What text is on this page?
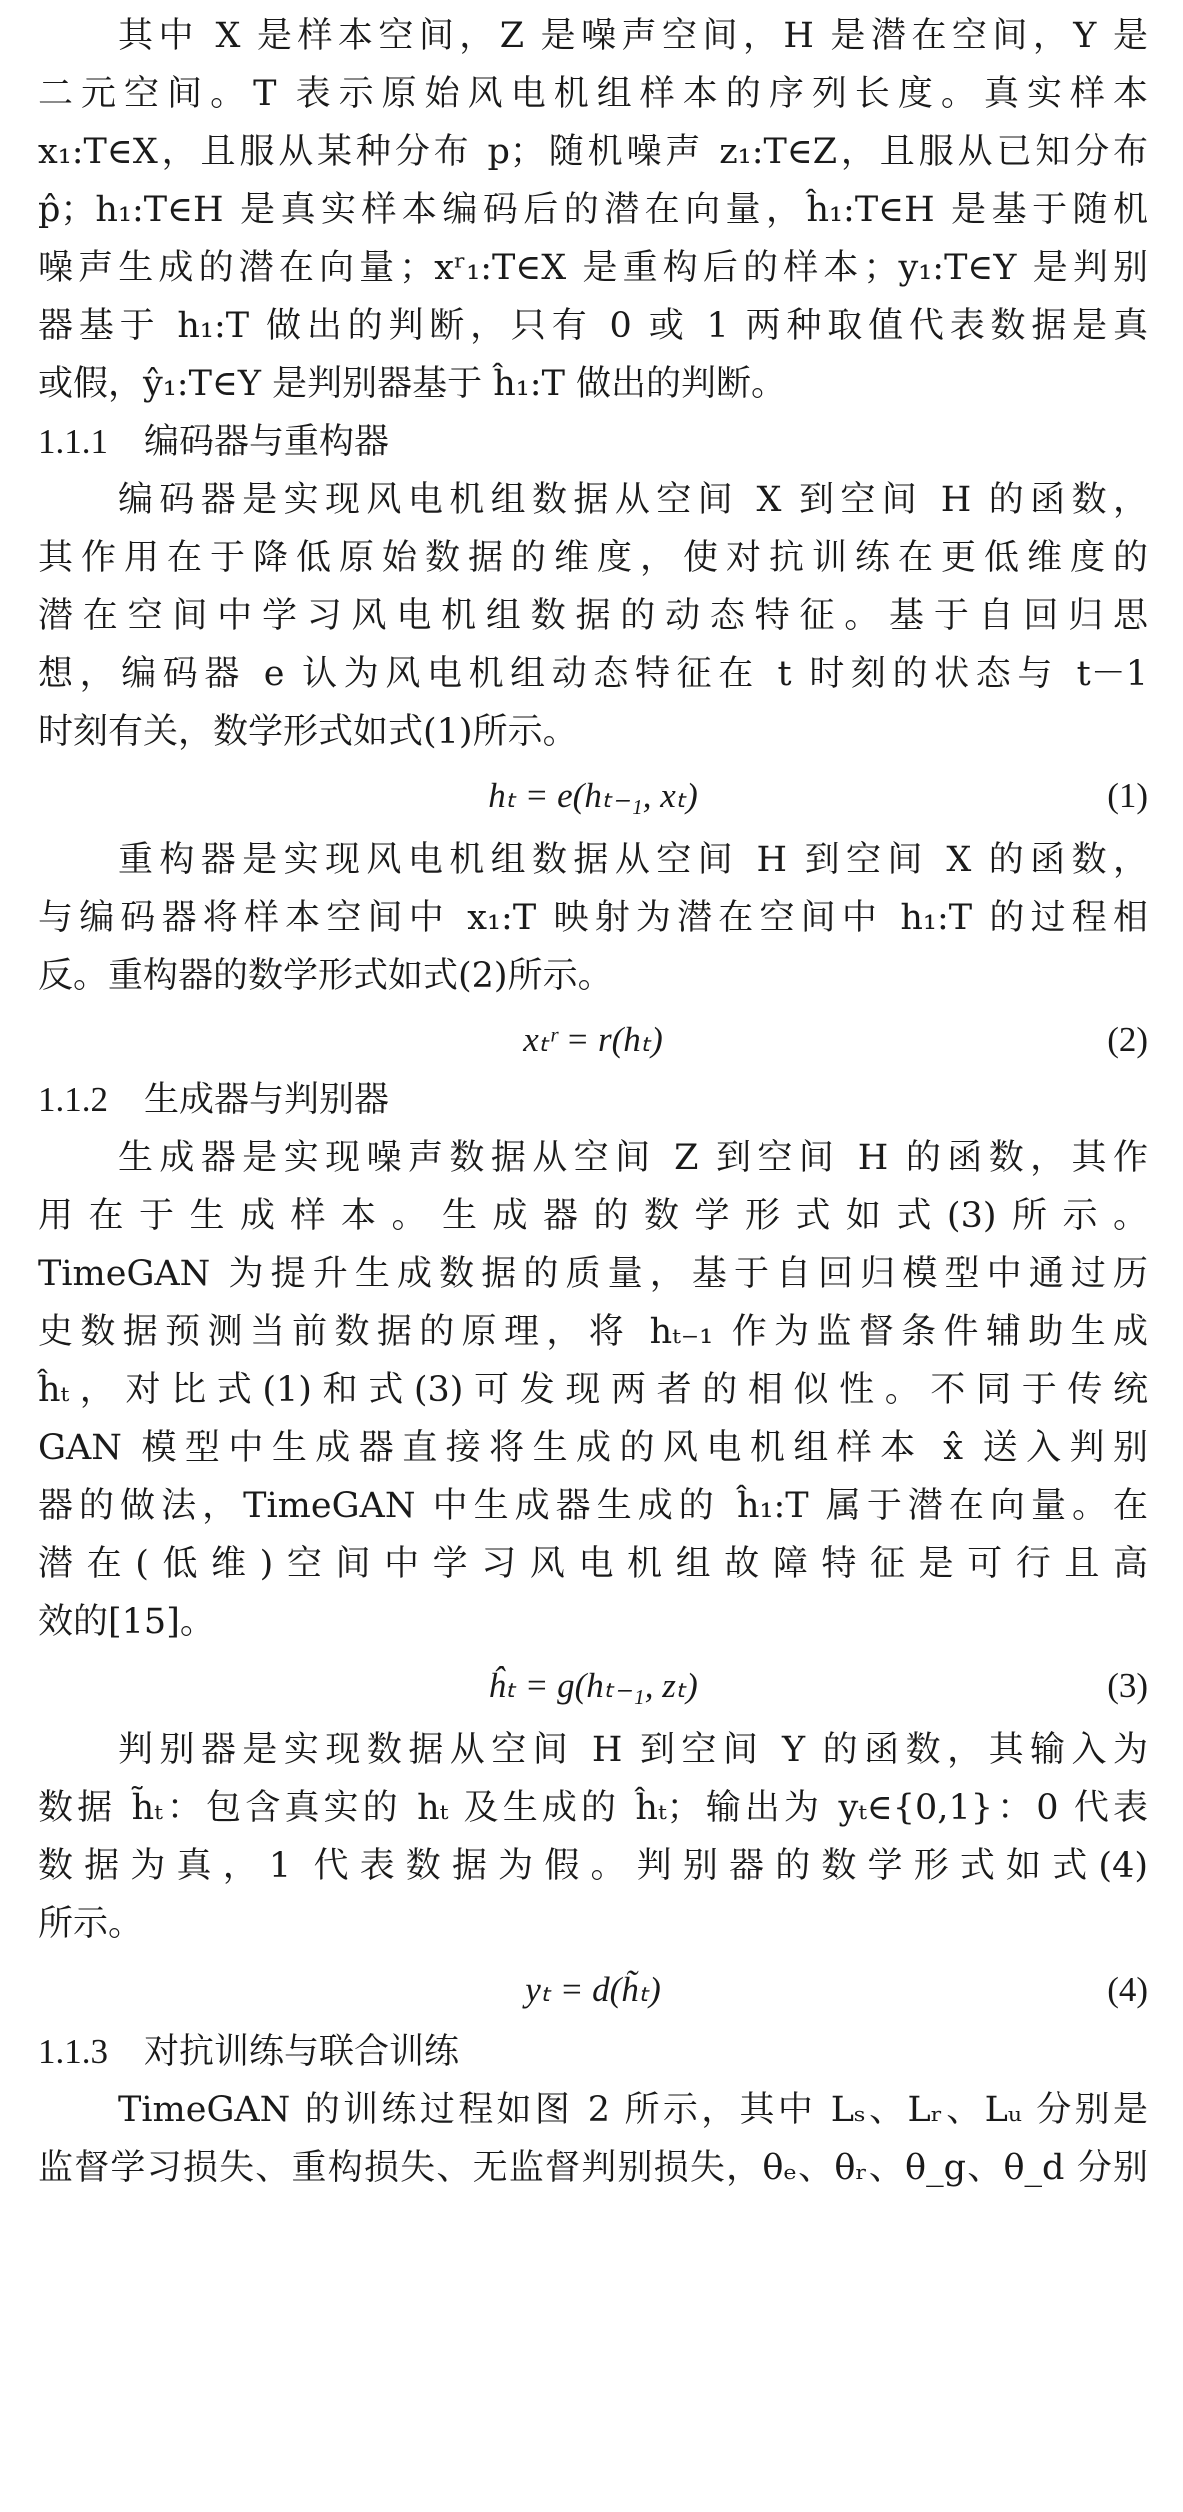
其中 X 是样本空间，Z 是噪声空间，H 是潜在空间，Y 是
二元空间。T 表示原始风电机组样本的序列长度。真实样本
x₁:T∈X，且服从某种分布 p；随机噪声 z₁:T∈Z，且服从已知分布
p̂；h₁:T∈H 是真实样本编码后的潜在向量，ĥ₁:T∈H 是基于随机
噪声生成的潜在向量；xʳ₁:T∈X 是重构后的样本；y₁:T∈Y 是判别
器基于 h₁:T 做出的判断，只有 0 或 1 两种取值代表数据是真
或假，ŷ₁:T∈Y 是判别器基于 ĥ₁:T 做出的判断。
1.1.1 编码器与重构器
编码器是实现风电机组数据从空间 X 到空间 H 的函数，
其作用在于降低原始数据的维度，使对抗训练在更低维度的
潜在空间中学习风电机组数据的动态特征。基于自回归思
想，编码器 e 认为风电机组动态特征在 t 时刻的状态与 t－1
时刻有关，数学形式如式(1)所示。
hₜ = e(hₜ₋₁, xₜ)	(1)
重构器是实现风电机组数据从空间 H 到空间 X 的函数，
与编码器将样本空间中 x₁:T 映射为潜在空间中 h₁:T 的过程相
反。重构器的数学形式如式(2)所示。
xₜʳ = r(hₜ)	(2)
1.1.2 生成器与判别器
生成器是实现噪声数据从空间 Z 到空间 H 的函数，其作
用在于生成样本。生成器的数学形式如式(3)所示。
TimeGAN 为提升生成数据的质量，基于自回归模型中通过历
史数据预测当前数据的原理，将 hₜ₋₁ 作为监督条件辅助生成
ĥₜ，对比式(1)和式(3)可发现两者的相似性。不同于传统
GAN 模型中生成器直接将生成的风电机组样本 x̂ 送入判别
器的做法，TimeGAN 中生成器生成的 ĥ₁:T 属于潜在向量。在
潜在(低维)空间中学习风电机组故障特征是可行且高
效的[15]。
ĥₜ = g(hₜ₋₁, zₜ)	(3)
判别器是实现数据从空间 H 到空间 Y 的函数，其输入为
数据 h̃ₜ：包含真实的 hₜ 及生成的 ĥₜ；输出为 yₜ∈{0,1}：0 代表
数据为真，1 代表数据为假。判别器的数学形式如式(4)
所示。
yₜ = d(h̃ₜ)	(4)
1.1.3 对抗训练与联合训练
TimeGAN 的训练过程如图 2 所示，其中 Lₛ、Lᵣ、Lᵤ 分别是
监督学习损失、重构损失、无监督判别损失，θₑ、θᵣ、θ_g、θ_d 分别
